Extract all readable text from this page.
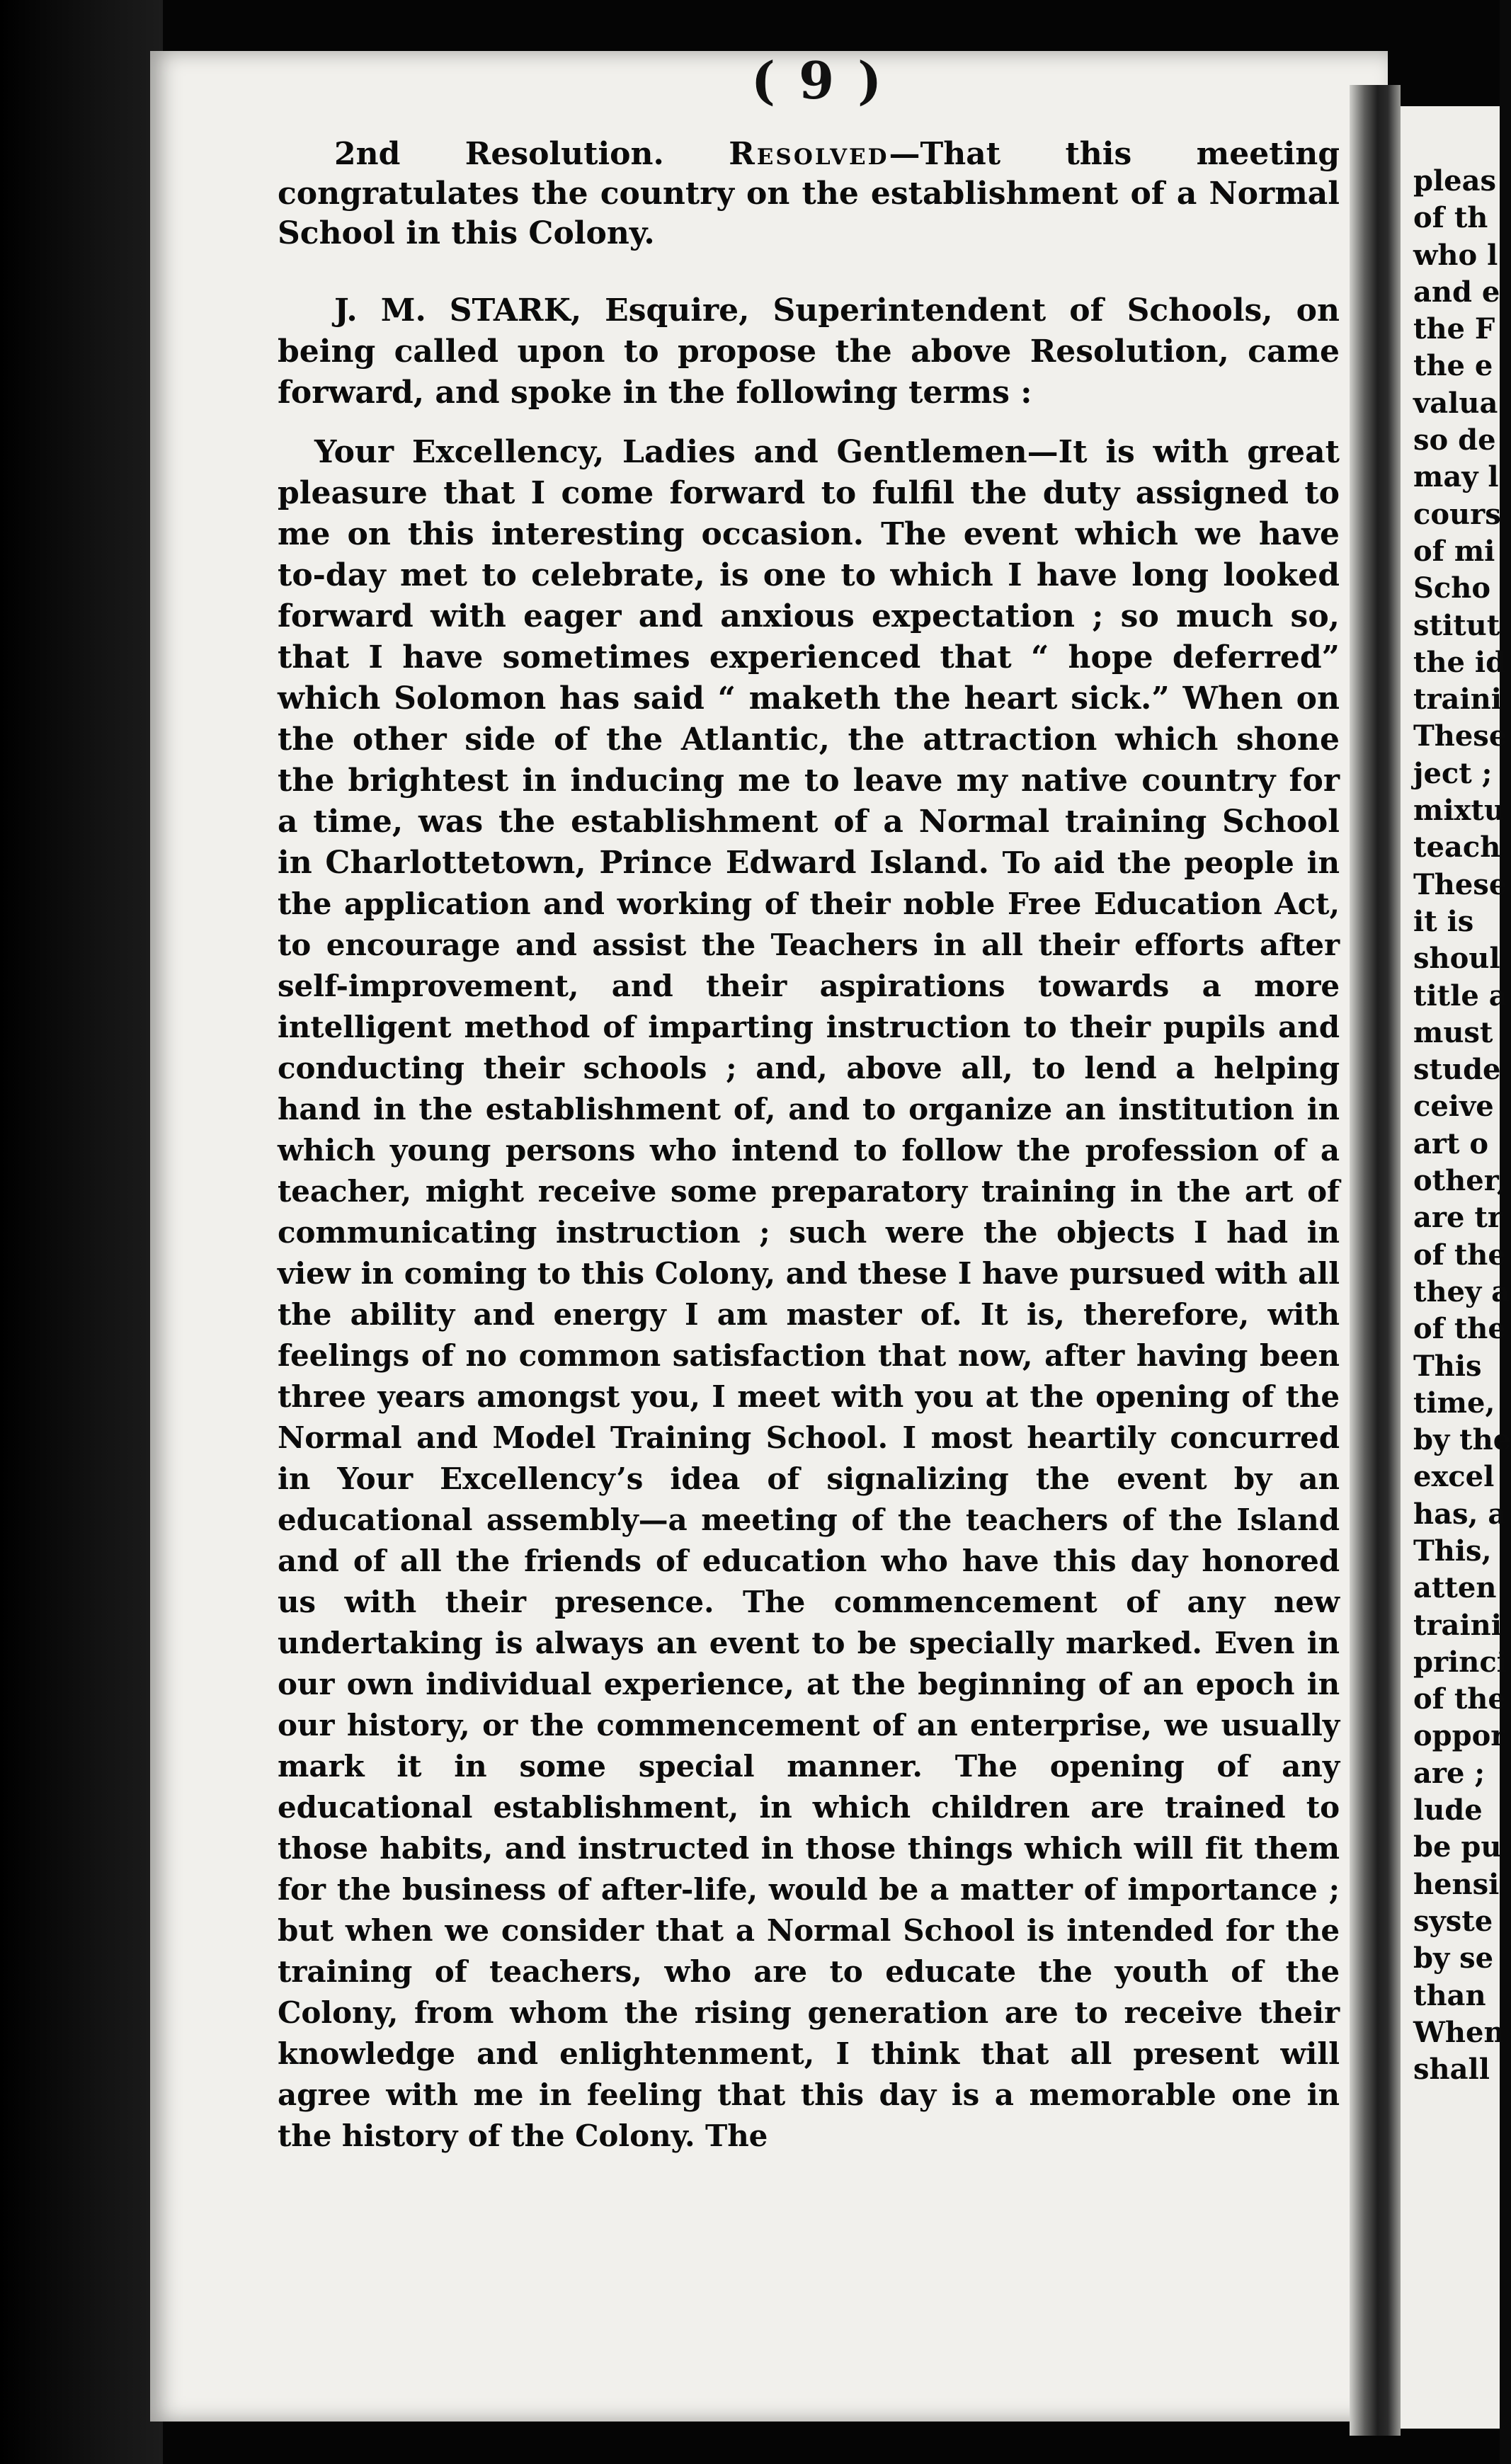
( 9 )

2nd Resolution. Resolved—That this meeting congratulates the country on the establishment of a Normal School in this Colony.

J. M. STARK, Esquire, Superintendent of Schools, on being called upon to propose the above Resolution, came forward, and spoke in the following terms :

Your Excellency, Ladies and Gentlemen—It is with great pleasure that I come forward to fulfil the duty assigned to me on this interesting occasion. The event which we have to-day met to celebrate, is one to which I have long looked forward with eager and anxious expectation ; so much so, that I have sometimes experienced that “ hope deferred” which Solomon has said “ maketh the heart sick.” When on the other side of the Atlantic, the attraction which shone the brightest in inducing me to leave my native country for a time, was the establishment of a Normal training School in Charlottetown, Prince Edward Island. To aid the people in the application and working of their noble Free Education Act, to encourage and assist the Teachers in all their efforts after self-improvement, and their aspirations towards a more intelligent method of imparting instruction to their pupils and conducting their schools ; and, above all, to lend a helping hand in the establishment of, and to organize an institution in which young persons who intend to follow the profession of a teacher, might receive some preparatory training in the art of communicating instruction ; such were the objects I had in view in coming to this Colony, and these I have pursued with all the ability and energy I am master of. It is, therefore, with feelings of no common satisfaction that now, after having been three years amongst you, I meet with you at the opening of the Normal and Model Training School. I most heartily concurred in Your Excellency’s idea of signalizing the event by an educational assembly—a meeting of the teachers of the Island and of all the friends of education who have this day honored us with their presence. The commencement of any new undertaking is always an event to be specially marked. Even in our own individual experience, at the beginning of an epoch in our history, or the commencement of an enterprise, we usually mark it in some special manner. The opening of any educational establishment, in which children are trained to those habits, and instructed in those things which will fit them for the business of after-life, would be a matter of importance ; but when we consider that a Normal School is intended for the training of teachers, who are to educate the youth of the Colony, from whom the rising generation are to receive their knowledge and enlightenment, I think that all present will agree with me in feeling that this day is a memorable one in the history of the Colony. The

pleas
of th
who l
and e
the F
the e
valua
so de
may l
cours
of mi
Scho
stitut
the id
traini
These
ject ;
mixtu
teach
These
it is
shoul
title a
must
stude
ceive
art o
other,
are tr
of the
they a
of the
This
time,
by the
excel
has, a
This,
atten
traini
princi
of the
oppor
are ;
lude
be pu
hensi
syste
by se
than
When
shall
